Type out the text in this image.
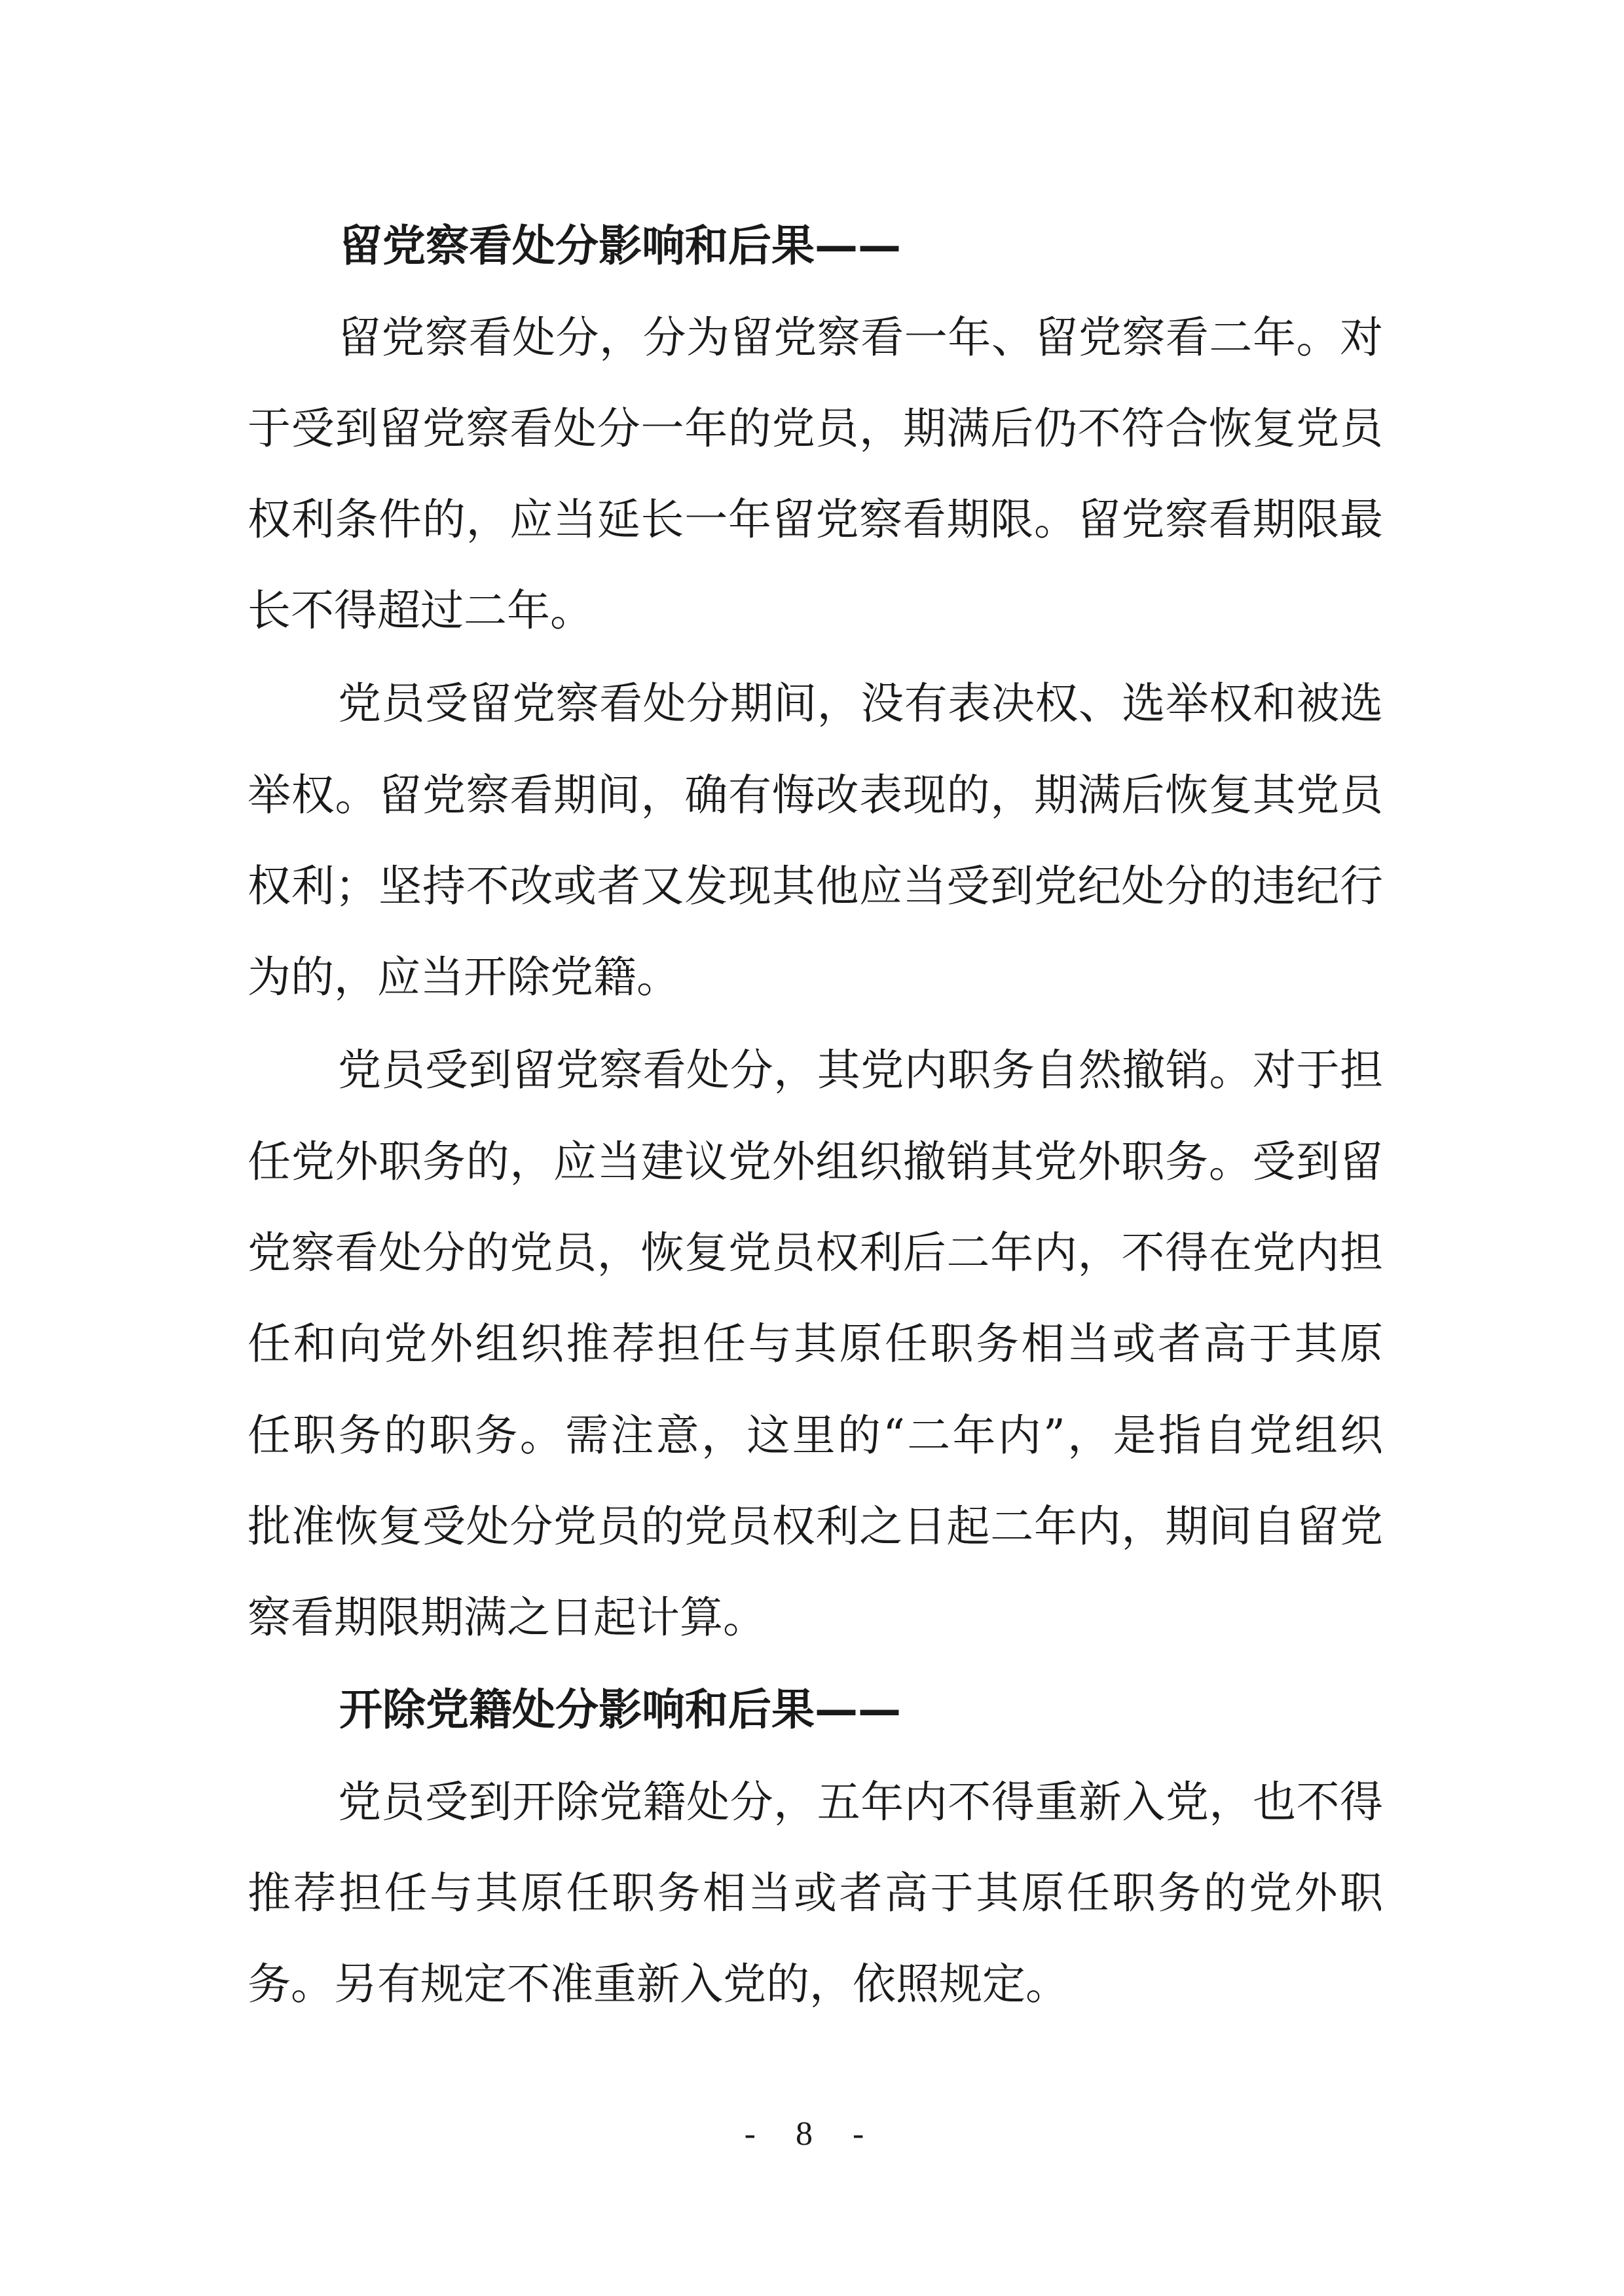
留党察看处分影响和后果——
留党察看处分，分为留党察看一年、留党察看二年。对
于受到留党察看处分一年的党员，期满后仍不符合恢复党员
权利条件的，应当延长一年留党察看期限。留党察看期限最
长不得超过二年。
党员受留党察看处分期间，没有表决权、选举权和被选
举权。留党察看期间，确有悔改表现的，期满后恢复其党员
权利；坚持不改或者又发现其他应当受到党纪处分的违纪行
为的，应当开除党籍。
党员受到留党察看处分，其党内职务自然撤销。对于担
任党外职务的，应当建议党外组织撤销其党外职务。受到留
党察看处分的党员，恢复党员权利后二年内，不得在党内担
任和向党外组织推荐担任与其原任职务相当或者高于其原
任职务的职务。需注意，这里的“二年内”，是指自党组织
批准恢复受处分党员的党员权利之日起二年内，期间自留党
察看期限期满之日起计算。
开除党籍处分影响和后果——
党员受到开除党籍处分，五年内不得重新入党，也不得
推荐担任与其原任职务相当或者高于其原任职务的党外职
务。另有规定不准重新入党的，依照规定。
- 8 -
